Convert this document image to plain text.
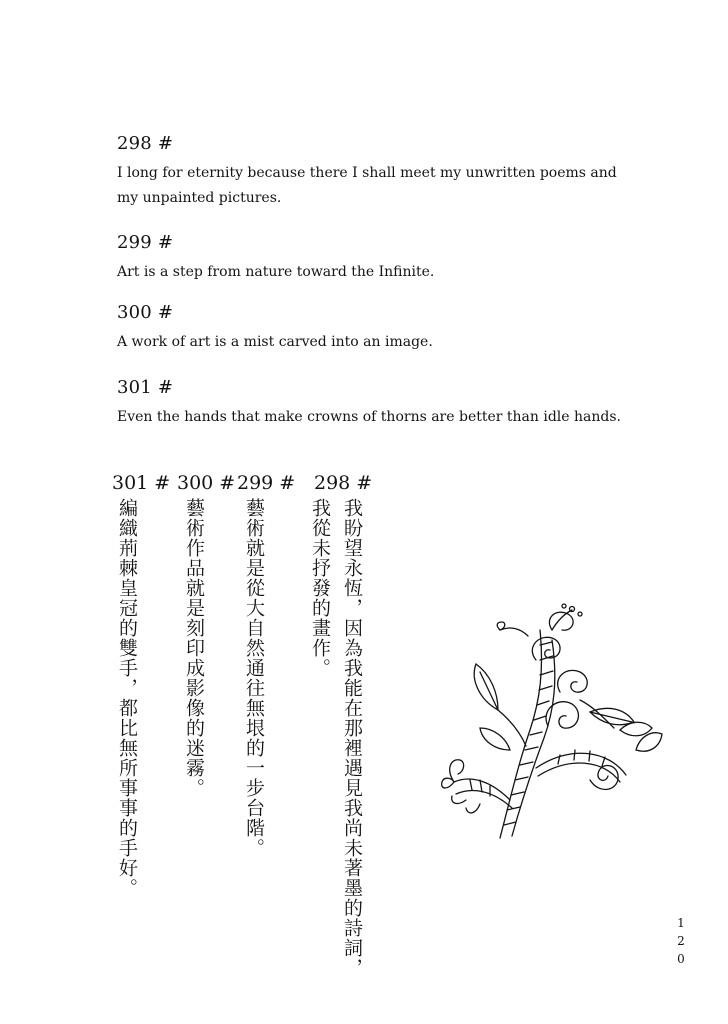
298 #
I long for eternity because there I shall meet my unwritten poems and my unpainted pictures.
299 #
Art is a step from nature toward the Infinite.
300 #
A work of art is a mist carved into an image.
301 #
Even the hands that make crowns of thorns are better than idle hands.
298 #
我盼望永恆，因為我能在那裡遇見我尚未著墨的詩詞，
我從未抒發的畫作。
299 #
藝術就是從大自然通往無垠的一步台階。
300 #
藝術作品就是刻印成影像的迷霧。
301 #
編織荊棘皇冠的雙手，都比無所事事的手好。
120
